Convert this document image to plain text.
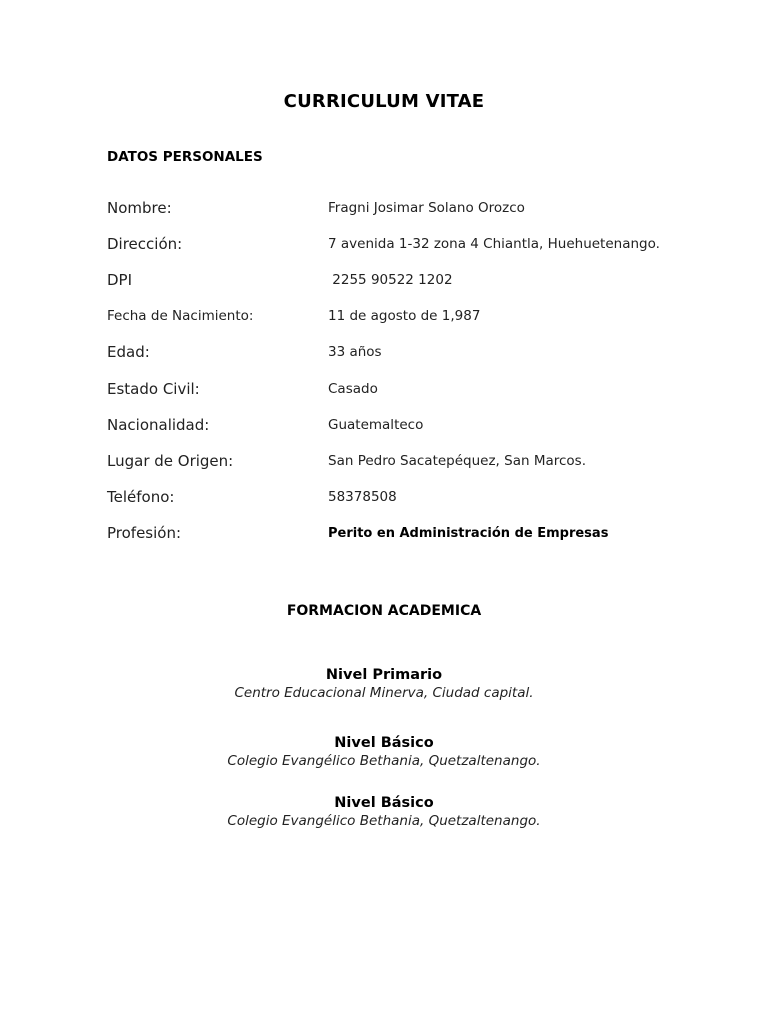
CURRICULUM VITAE
DATOS PERSONALES
Nombre:	Fragni Josimar Solano Orozco
Dirección:	7 avenida 1-32 zona 4 Chiantla, Huehuetenango.
DPI	2255 90522 1202
Fecha de Nacimiento:	11 de agosto de 1,987
Edad:	33 años
Estado Civil:	Casado
Nacionalidad:	Guatemalteco
Lugar de Origen:	San Pedro Sacatepéquez, San Marcos.
Teléfono:	58378508
Profesión:	Perito en Administración de Empresas
FORMACION ACADEMICA
Nivel Primario
Centro Educacional Minerva, Ciudad capital.
Nivel Básico
Colegio Evangélico Bethania, Quetzaltenango.
Nivel Básico
Colegio Evangélico Bethania, Quetzaltenango.
